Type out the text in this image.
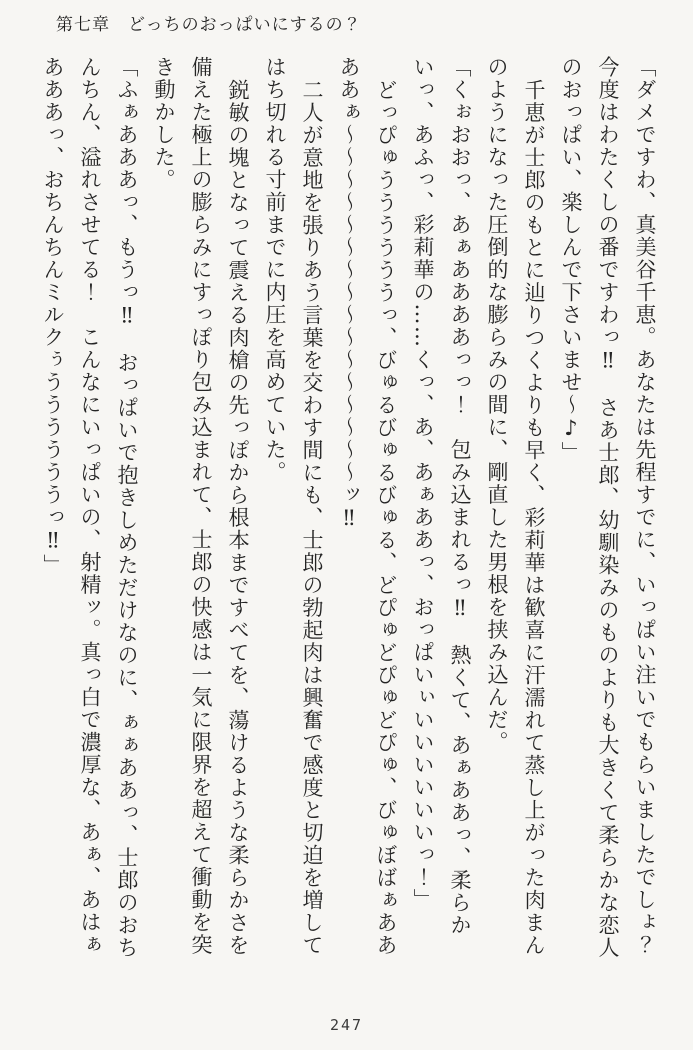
第七章　どっちのおっぱいにするの？

「ダメですわ、真美谷千恵。あなたは先程すでに、いっぱい注いでもらいましたでしょ？

今度はわたくしの番ですわっ‼　さあ士郎、幼馴染みのものよりも大きくて柔らかな恋人

のおっぱい、楽しんで下さいませ〜♪」

千恵が士郎のもとに辿りつくよりも早く、彩莉華は歓喜に汗濡れて蒸し上がった肉まん

のようになった圧倒的な膨らみの間に、剛直した男根を挟み込んだ。

「くぉおおっ、あぁああああっっ！　包み込まれるっ‼　熱くて、あぁああっ、柔らか

いっ、あふっ、彩莉華の……くっ、あ、あぁああっ、おっぱいぃいいいいいいっ！」

どっぴゅううううううっ、びゅるびゅるびゅる、どぴゅどぴゅどぴゅ、びゅぼばぁああ

ああぁ〜〜〜〜〜〜〜〜〜〜〜〜〜〜〜〜ッ‼

二人が意地を張りあう言葉を交わす間にも、士郎の勃起肉は興奮で感度と切迫を増して

はち切れる寸前までに内圧を高めていた。

鋭敏の塊となって震える肉槍の先っぽから根本まですべてを、蕩けるような柔らかさを

備えた極上の膨らみにすっぽり包み込まれて、士郎の快感は一気に限界を超えて衝動を突

き動かした。

「ふぁあああっ、もうっ‼　おっぱいで抱きしめただけなのに、ぁぁああっ、士郎のおち

んちん、溢れさせてる！　こんなにいっぱいの、射精ッ。真っ白で濃厚な、あぁ、あはぁ

あああっ、おちんちんミルクぅううううううっ‼」

247
